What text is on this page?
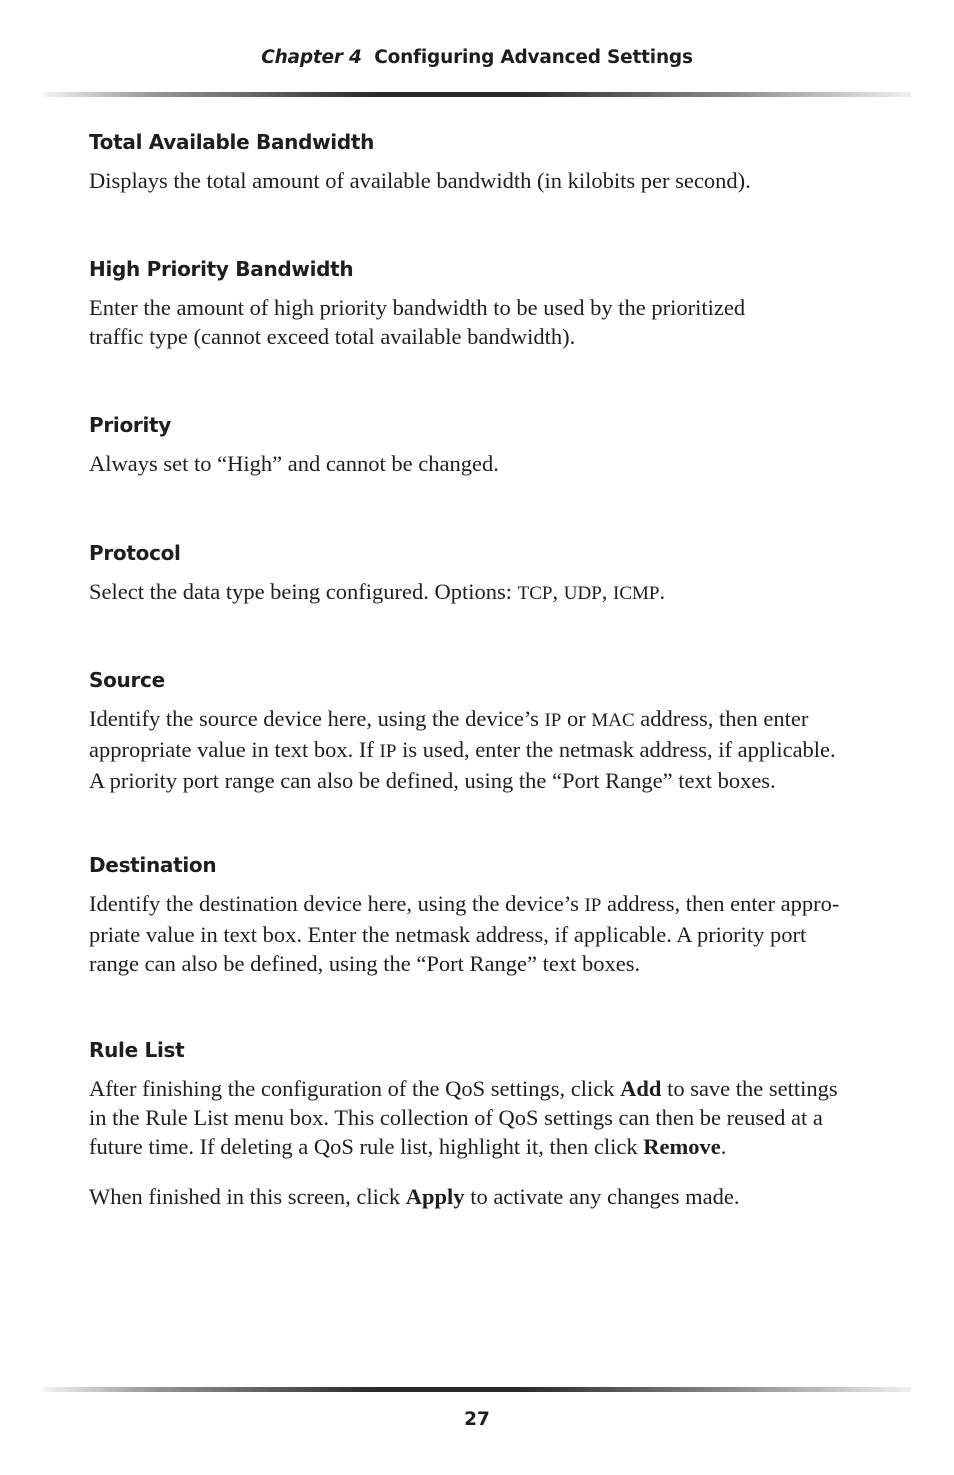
Chapter 4 Configuring Advanced Settings
Total Available Bandwidth

Displays the total amount of available bandwidth (in kilobits per second).

High Priority Bandwidth

Enter the amount of high priority bandwidth to be used by the prioritized

traffic type (cannot exceed total available bandwidth).

Priority

Always set to “High” and cannot be changed.

Protocol

Select the data type being configured. Options: TCP, UDP, ICMP.

Source

Identify the source device here, using the device’s IP or MAC address, then enter

appropriate value in text box. If IP is used, enter the netmask address, if applicable.

A priority port range can also be defined, using the “Port Range” text boxes.

Destination

Identify the destination device here, using the device’s IP address, then enter appro-

priate value in text box. Enter the netmask address, if applicable. A priority port

range can also be defined, using the “Port Range” text boxes.

Rule List

After finishing the configuration of the QoS settings, click Add to save the settings

in the Rule List menu box. This collection of QoS settings can then be reused at a

future time. If deleting a QoS rule list, highlight it, then click Remove.

When finished in this screen, click Apply to activate any changes made.

27
